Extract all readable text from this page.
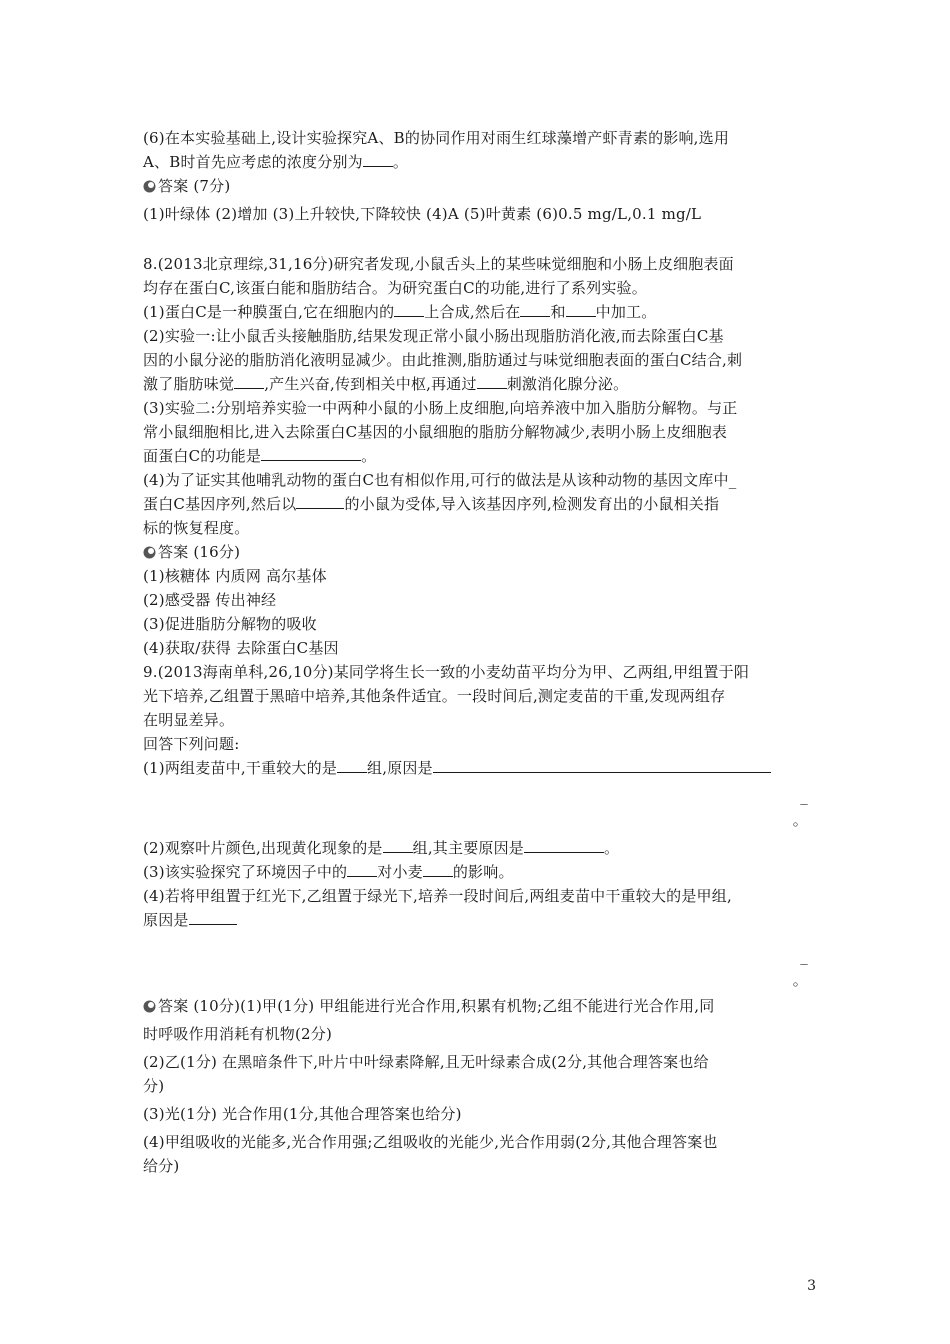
(6)在本实验基础上,设计实验探究A、B的协同作用对雨生红球藻增产虾青素的影响,选用

A、B时首先应考虑的浓度分别为 。

答案 (7分)

(1)叶绿体 (2)增加 (3)上升较快,下降较快 (4)A (5)叶黄素 (6)0.5 mg/L,0.1 mg/L

8.(2013北京理综,31,16分)研究者发现,小鼠舌头上的某些味觉细胞和小肠上皮细胞表面

均存在蛋白C,该蛋白能和脂肪结合。为研究蛋白C的功能,进行了系列实验。

(1)蛋白C是一种膜蛋白,它在细胞内的 上合成,然后在 和 中加工。

(2)实验一:让小鼠舌头接触脂肪,结果发现正常小鼠小肠出现脂肪消化液,而去除蛋白C基

因的小鼠分泌的脂肪消化液明显减少。由此推测,脂肪通过与味觉细胞表面的蛋白C结合,刺

激了脂肪味觉 ,产生兴奋,传到相关中枢,再通过 刺激消化腺分泌。

(3)实验二:分别培养实验一中两种小鼠的小肠上皮细胞,向培养液中加入脂肪分解物。与正

常小鼠细胞相比,进入去除蛋白C基因的小鼠细胞的脂肪分解物减少,表明小肠上皮细胞表

面蛋白C的功能是	。

(4)为了证实其他哺乳动物的蛋白C也有相似作用,可行的做法是从该种动物的基因文库中_

蛋白C基因序列,然后以	的小鼠为受体,导入该基因序列,检测发育出的小鼠相关指

标的恢复程度。

答案 (16分)

(1)核糖体 内质网 高尔基体

(2)感受器 传出神经

(3)促进脂肪分解物的吸收

(4)获取/获得 去除蛋白C基因

9.(2013海南单科,26,10分)某同学将生长一致的小麦幼苗平均分为甲、乙两组,甲组置于阳

光下培养,乙组置于黑暗中培养,其他条件适宜。一段时间后,测定麦苗的干重,发现两组存

在明显差异。

回答下列问题:

(1)两组麦苗中,干重较大的是 组,原因是

_

。

(2)观察叶片颜色,出现黄化现象的是 组,其主要原因是	。

(3)该实验探究了环境因子中的 对小麦 的影响。

(4)若将甲组置于红光下,乙组置于绿光下,培养一段时间后,两组麦苗中干重较大的是甲组,

原因是

_

。

答案 (10分) (1)甲(1分) 甲组能进行光合作用,积累有机物;乙组不能进行光合作用,同

时呼吸作用消耗有机物(2分)

(2)乙(1分) 在黑暗条件下,叶片中叶绿素降解,且无叶绿素合成(2分,其他合理答案也给

分)

(3)光(1分) 光合作用(1分,其他合理答案也给分)

(4)甲组吸收的光能多,光合作用强;乙组吸收的光能少,光合作用弱(2分,其他合理答案也

给分)

3
